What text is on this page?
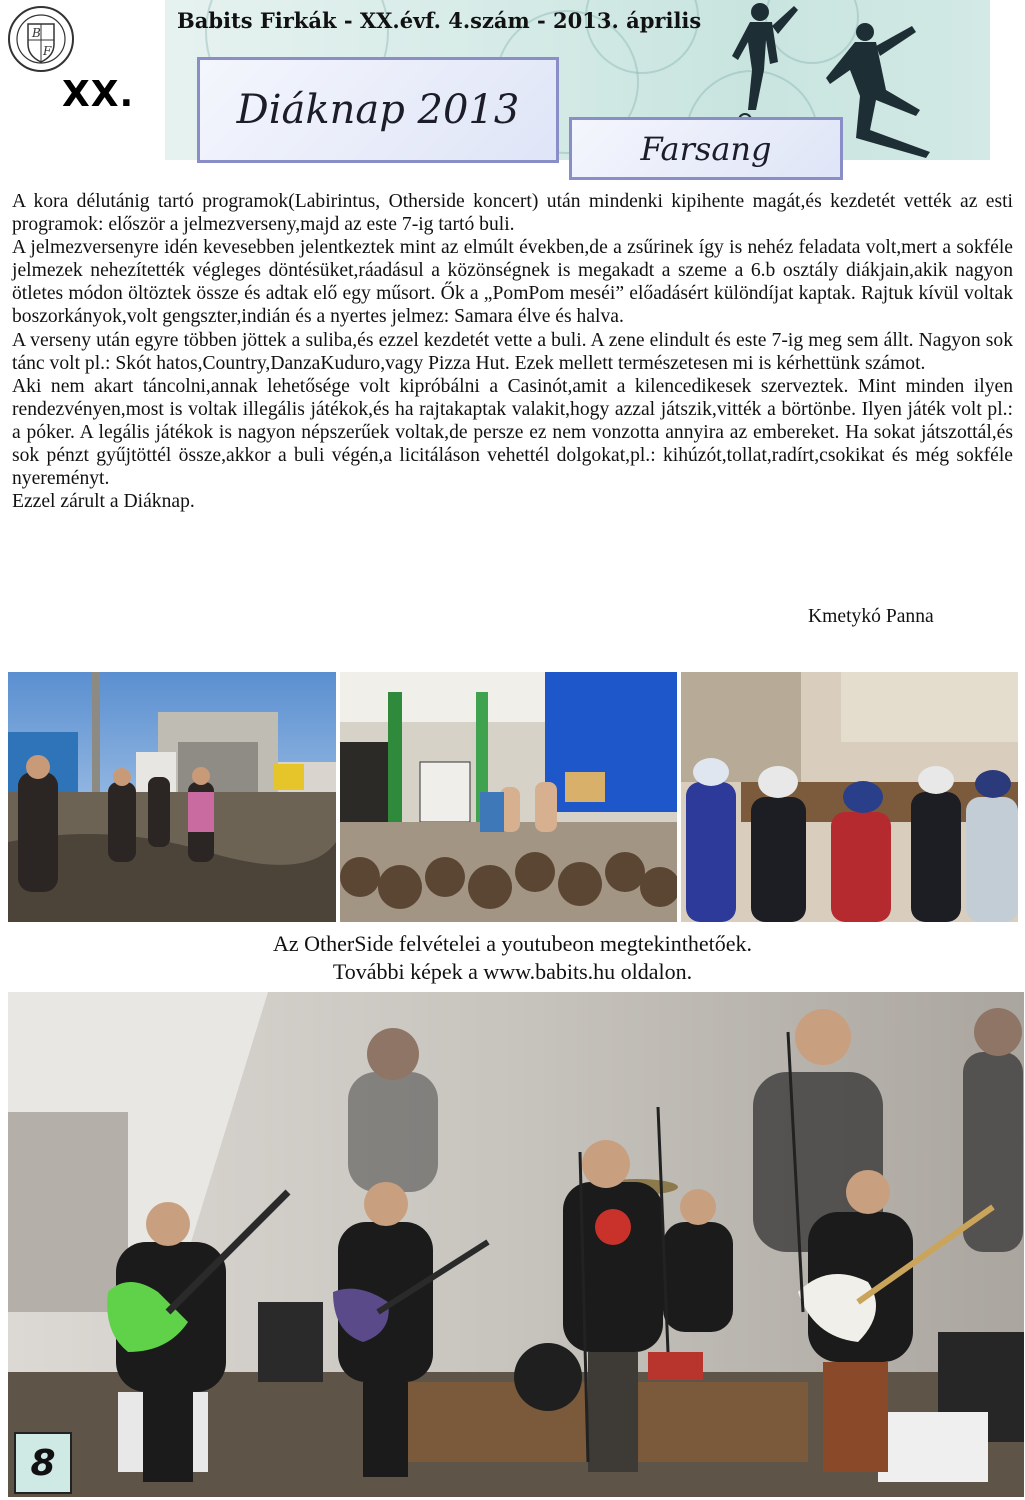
B
F
XX.
Babits Firkák - XX.évf. 4.szám - 2013. április
Diáknap 2013
Farsang

A kora délutánig tartó programok(Labirintus, Otherside koncert) után mindenki kipihente magát,és kezdetét vették az esti programok: először a jelmezverseny,majd az este 7-ig tartó buli.

A jelmezversenyre idén kevesebben jelentkeztek mint az elmúlt években,de a zsűrinek így is nehéz feladata volt,mert a sokféle jelmezek nehezítették végleges döntésüket,ráadásul a közönségnek is megakadt a szeme a 6.b osztály diákjain,akik nagyon ötletes módon öltöztek össze és adtak elő egy műsort. Ők a „PomPom meséi” előadásért különdíjat kaptak. Rajtuk kívül voltak boszorkányok,volt gengszter,indián és a nyertes jelmez: Samara élve és halva.

A verseny után egyre többen jöttek a suliba,és ezzel kezdetét vette a buli. A zene elindult és este 7-ig meg sem állt. Nagyon sok tánc volt pl.: Skót hatos,Country,DanzaKuduro,vagy Pizza Hut. Ezek mellett természetesen mi is kérhettünk számot.

Aki nem akart táncolni,annak lehetősége volt kipróbálni a Casinót,amit a kilencedikesek szerveztek. Mint minden ilyen rendezvényen,most is voltak illegális játékok,és ha rajtakaptak valakit,hogy azzal játszik,vitték a börtönbe. Ilyen játék volt pl.: a póker. A legális játékok is nagyon népszerűek voltak,de persze ez nem vonzotta annyira az embereket. Ha sokat játszottál,és sok pénzt gyűjtöttél össze,akkor a buli végén,a licitáláson vehettél dolgokat,pl.: kihúzót,tollat,radírt,csokikat és még sokféle nyereményt.

Ezzel zárult a Diáknap.

Kmetykó Panna
Az OtherSide felvételei a youtubeon megtekinthetőek.
További képek a www.babits.hu oldalon.
8
